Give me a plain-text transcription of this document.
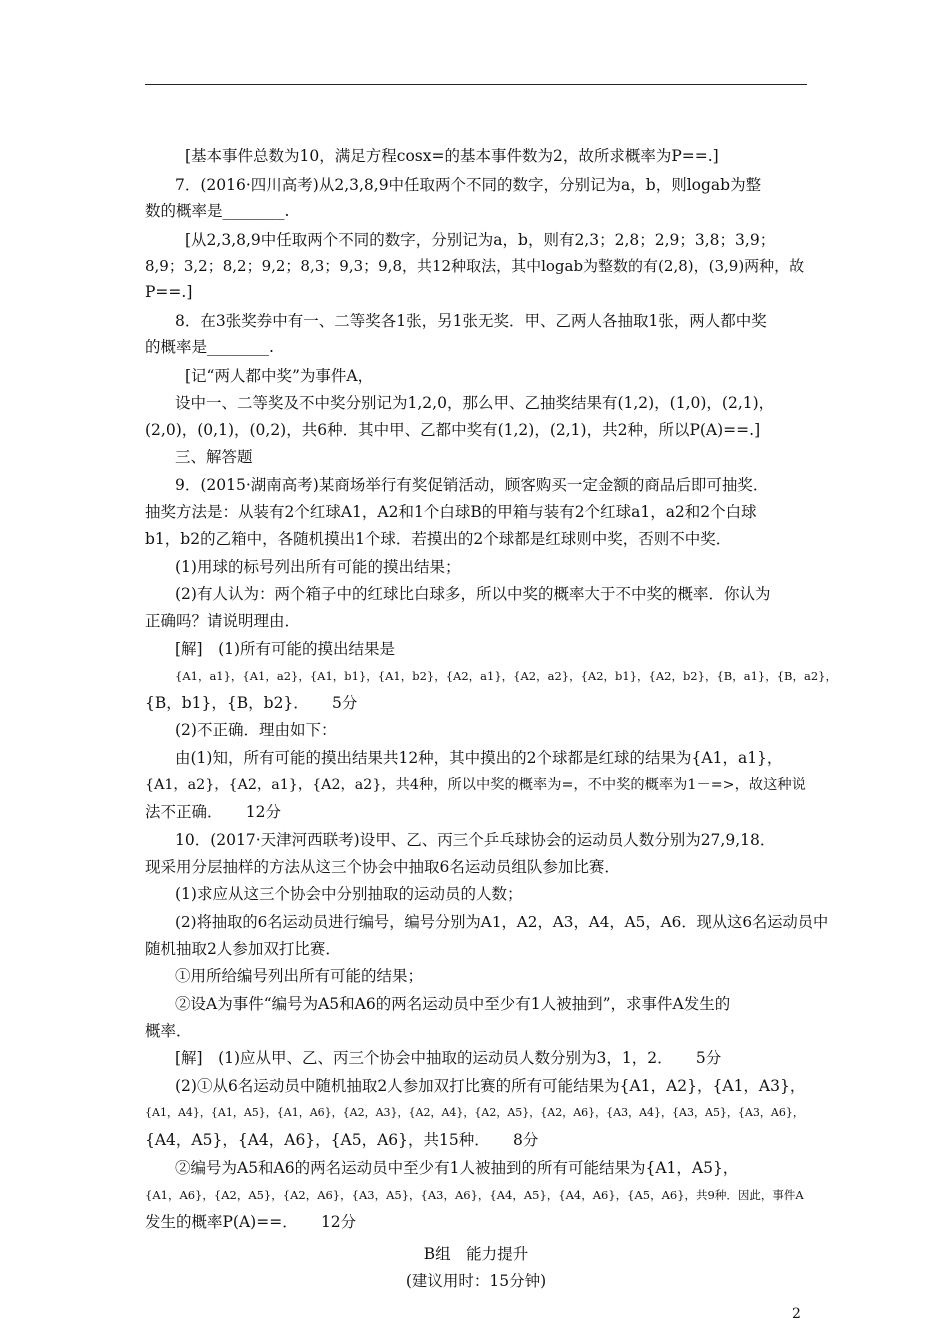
[基本事件总数为10，满足方程cosx=的基本事件数为2，故所求概率为P==.]
7．(2016·四川高考)从2,3,8,9中任取两个不同的数字，分别记为a，b，则logab为整
数的概率是________.
[从2,3,8,9中任取两个不同的数字，分别记为a，b，则有2,3；2,8；2,9；3,8；3,9；
8,9；3,2；8,2；9,2；8,3；9,3；9,8，共12种取法，其中logab为整数的有(2,8)，(3,9)两种，故
P==.]
8．在3张奖券中有一、二等奖各1张，另1张无奖．甲、乙两人各抽取1张，两人都中奖
的概率是________.
[记“两人都中奖”为事件A，
设中一、二等奖及不中奖分别记为1,2,0，那么甲、乙抽奖结果有(1,2)，(1,0)，(2,1)，
(2,0)，(0,1)，(0,2)，共6种．其中甲、乙都中奖有(1,2)，(2,1)，共2种，所以P(A)==.]
三、解答题
9．(2015·湖南高考)某商场举行有奖促销活动，顾客购买一定金额的商品后即可抽奖．
抽奖方法是：从装有2个红球A1，A2和1个白球B的甲箱与装有2个红球a1，a2和2个白球
b1，b2的乙箱中，各随机摸出1个球．若摸出的2个球都是红球则中奖，否则不中奖．
(1)用球的标号列出所有可能的摸出结果；
(2)有人认为：两个箱子中的红球比白球多，所以中奖的概率大于不中奖的概率．你认为
正确吗？请说明理由．
[解]　(1)所有可能的摸出结果是
{A1，a1}，{A1，a2}，{A1，b1}，{A1，b2}，{A2，a1}，{A2，a2}，{A2，b1}，{A2，b2}，{B，a1}，{B，a2}，
{B，b1}，{B，b2}．　　5分
(2)不正确．理由如下：
由(1)知，所有可能的摸出结果共12种，其中摸出的2个球都是红球的结果为{A1，a1}，
{A1，a2}，{A2，a1}，{A2，a2}，共4种，所以中奖的概率为=，不中奖的概率为1－=>，故这种说
法不正确．　　12分
10．(2017·天津河西联考)设甲、乙、丙三个乒乓球协会的运动员人数分别为27,9,18．
现采用分层抽样的方法从这三个协会中抽取6名运动员组队参加比赛．
(1)求应从这三个协会中分别抽取的运动员的人数；
(2)将抽取的6名运动员进行编号，编号分别为A1，A2，A3，A4，A5，A6．现从这6名运动员中
随机抽取2人参加双打比赛．
①用所给编号列出所有可能的结果；
②设A为事件“编号为A5和A6的两名运动员中至少有1人被抽到”，求事件A发生的
概率．
[解]　(1)应从甲、乙、丙三个协会中抽取的运动员人数分别为3，1，2．　　5分
(2)①从6名运动员中随机抽取2人参加双打比赛的所有可能结果为{A1，A2}，{A1，A3}，
{A1，A4}，{A1，A5}，{A1，A6}，{A2，A3}，{A2，A4}，{A2，A5}，{A2，A6}，{A3，A4}，{A3，A5}，{A3，A6}，
{A4，A5}，{A4，A6}，{A5，A6}，共15种．　　8分
②编号为A5和A6的两名运动员中至少有1人被抽到的所有可能结果为{A1，A5}，
{A1，A6}，{A2，A5}，{A2，A6}，{A3，A5}，{A3，A6}，{A4，A5}，{A4，A6}，{A5，A6}，共9种．因此，事件A
发生的概率P(A)==．　　12分
B组　能力提升
(建议用时：15分钟)
2
